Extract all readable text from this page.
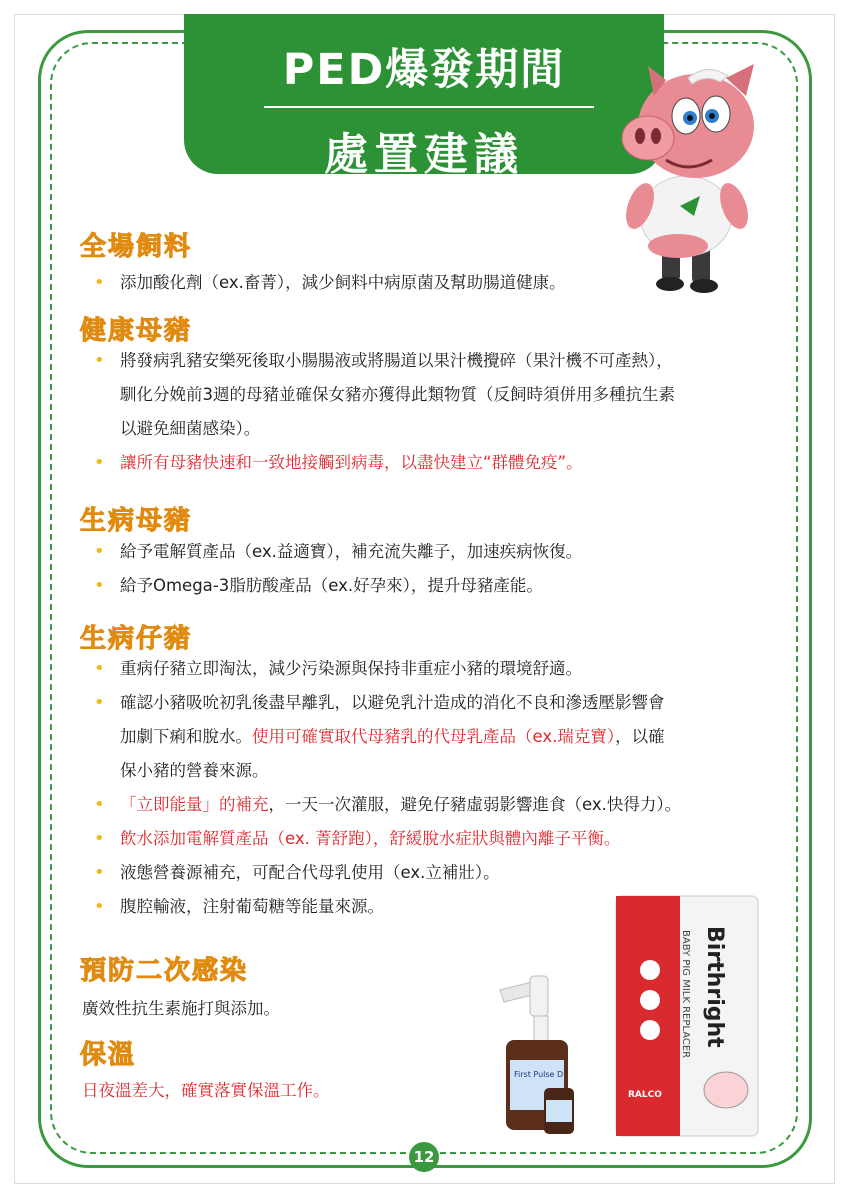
PED爆發期間
處置建議
全場飼料
• 添加酸化劑（ex.畜菁），減少飼料中病原菌及幫助腸道健康。
健康母豬
• 將發病乳豬安樂死後取小腸腸液或將腸道以果汁機攪碎（果汁機不可產熱），
馴化分娩前3週的母豬並確保女豬亦獲得此類物質（反飼時須併用多種抗生素
以避免細菌感染）。
• 讓所有母豬快速和一致地接觸到病毒，以盡快建立“群體免疫”。
生病母豬
• 給予電解質產品（ex.益適寶），補充流失離子，加速疾病恢復。
• 給予Omega-3脂肪酸產品（ex.好孕來），提升母豬產能。
生病仔豬
• 重病仔豬立即淘汰，減少污染源與保持非重症小豬的環境舒適。
• 確認小豬吸吮初乳後盡早離乳，以避免乳汁造成的消化不良和滲透壓影響會
加劇下痢和脫水。使用可確實取代母豬乳的代母乳產品（ex.瑞克寶），以確
保小豬的營養來源。
• 「立即能量」的補充，一天一次灌服，避免仔豬虛弱影響進食（ex.快得力）。
• 飲水添加電解質產品（ex. 菁舒跑），舒緩脫水症狀與體內離子平衡。
• 液態營養源補充，可配合代母乳使用（ex.立補壯）。
• 腹腔輸液，注射葡萄糖等能量來源。
預防二次感染
廣效性抗生素施打與添加。
保溫
日夜溫差大，確實落實保溫工作。
Birthright
BABY PIG MILK REPLACER
RALCO
First Pulse D
12
